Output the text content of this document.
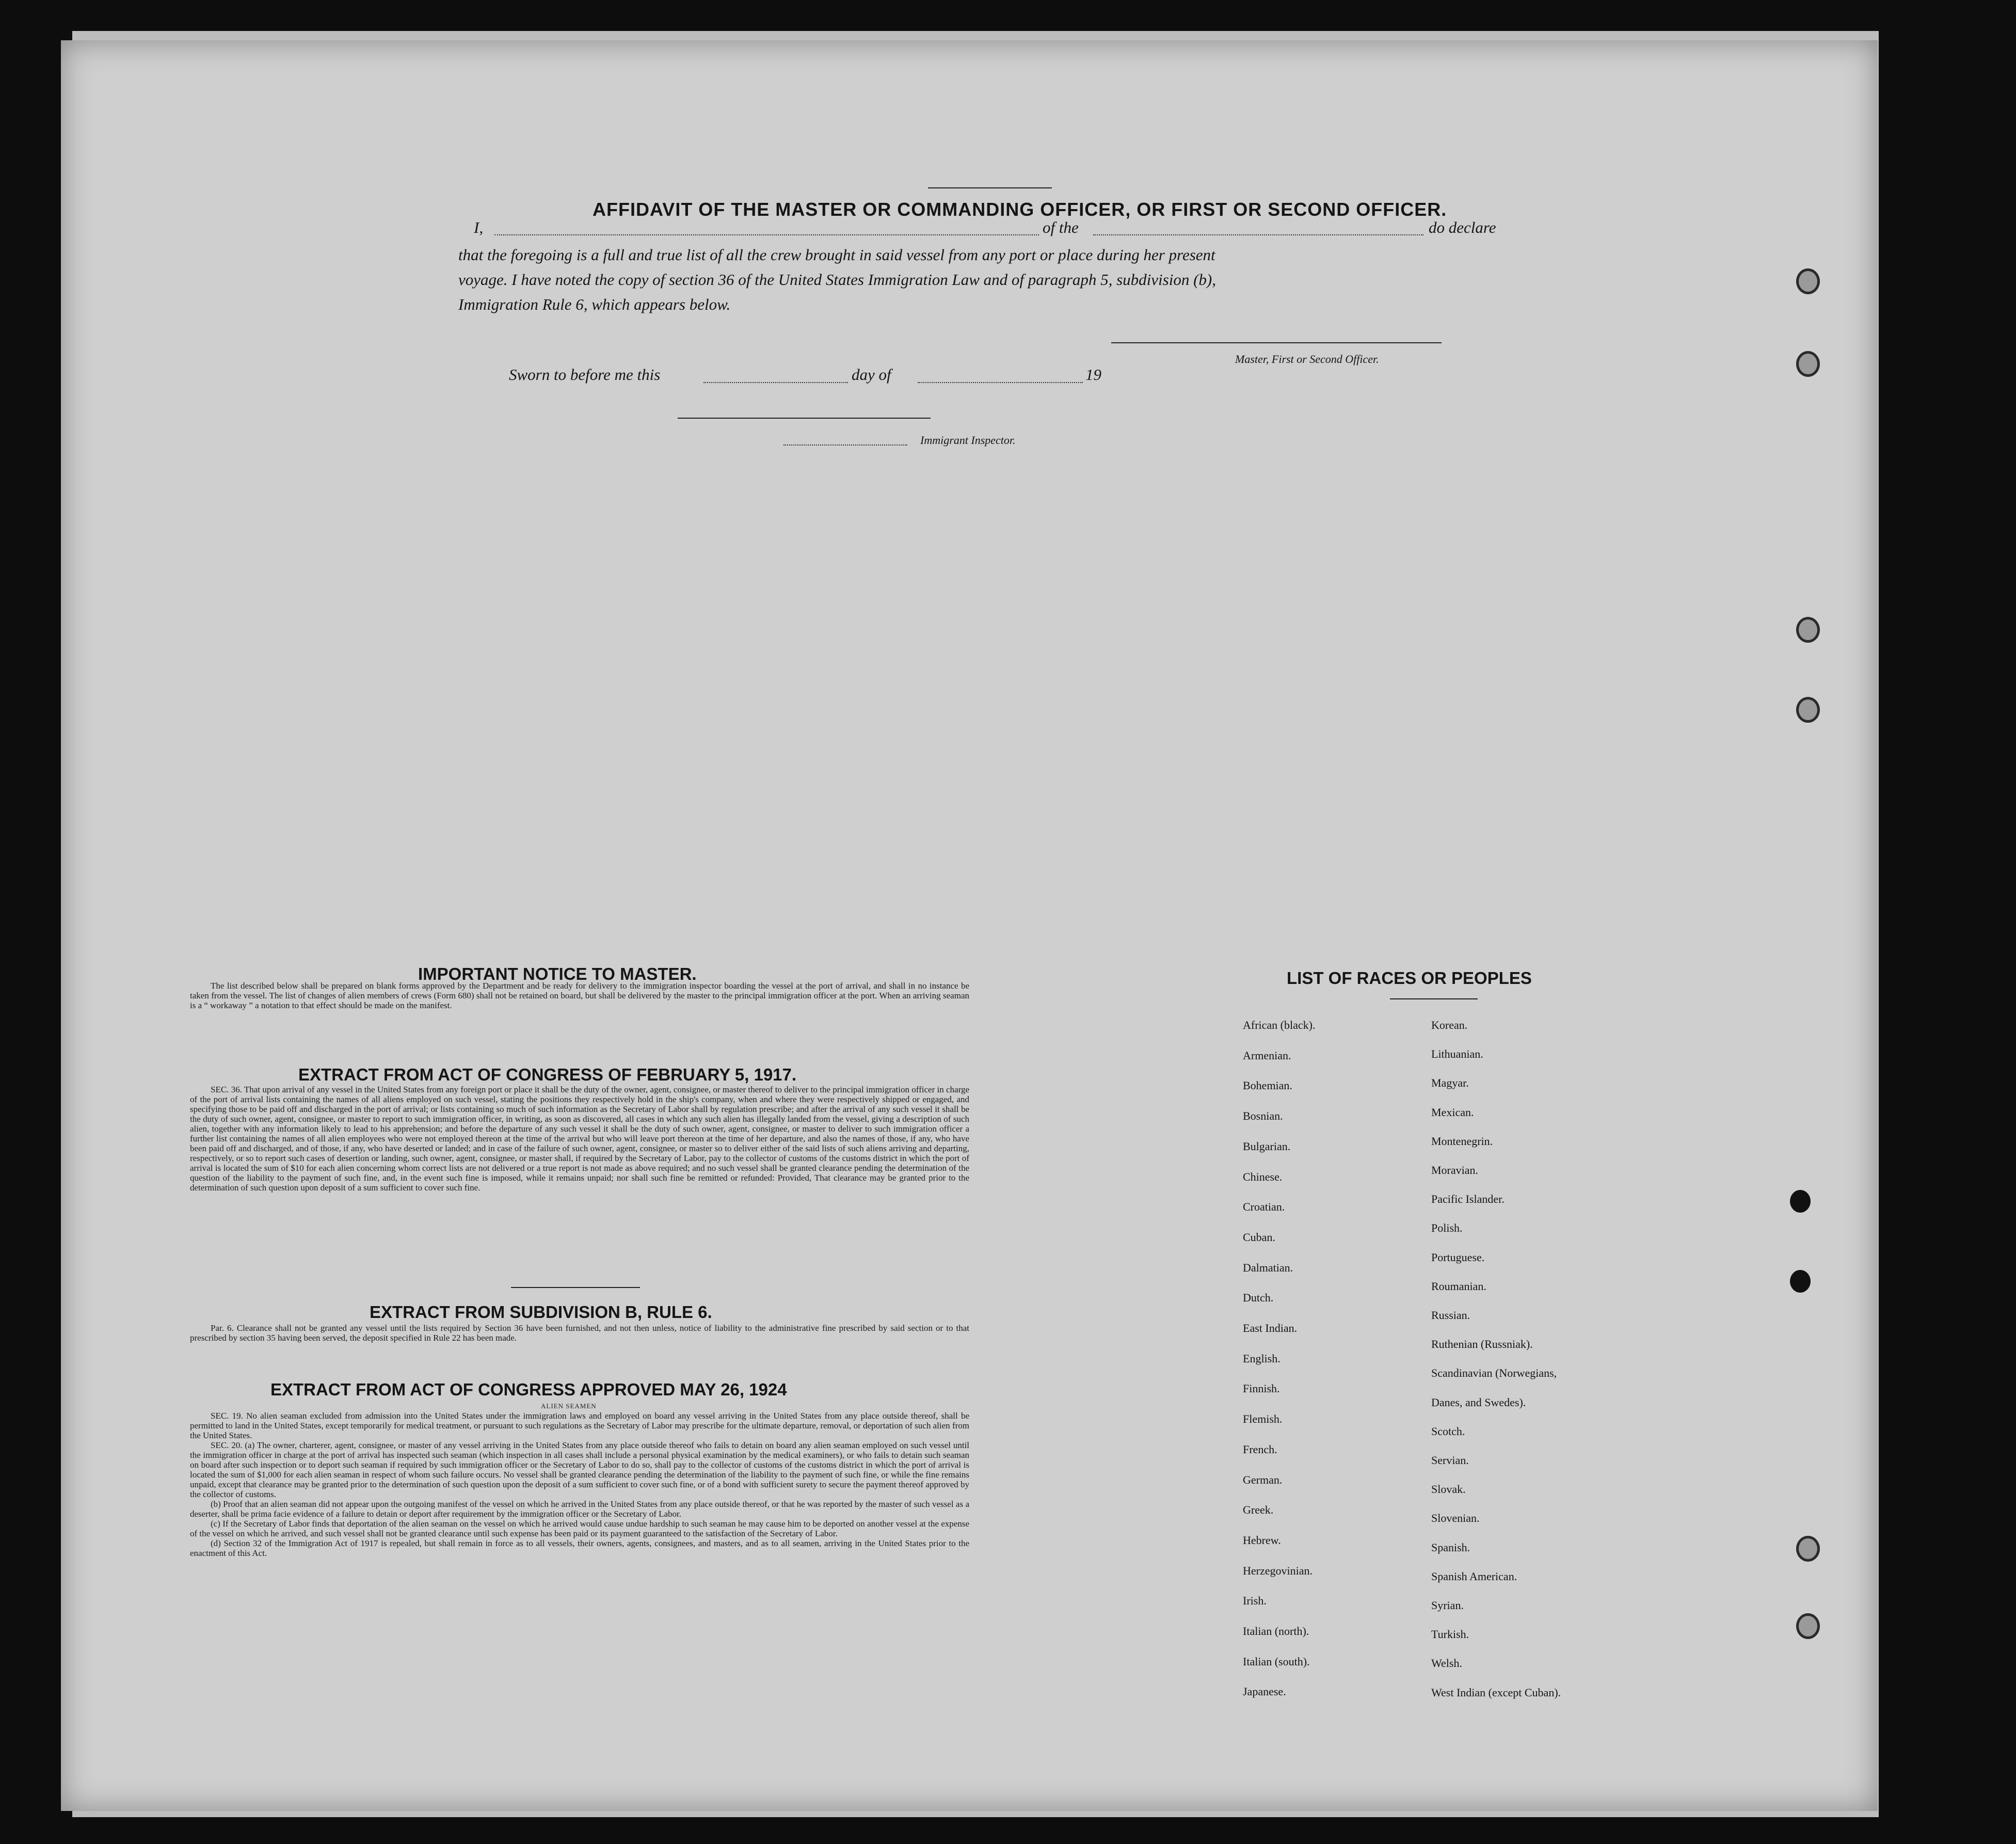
AFFIDAVIT OF THE MASTER OR COMMANDING OFFICER, OR FIRST OR SECOND OFFICER.
I,	of the	do declare
that the foregoing is a full and true list of all the crew brought in said vessel from any port or place during her present
voyage. I have noted the copy of section 36 of the United States Immigration Law and of paragraph 5, subdivision (b),
Immigration Rule 6, which appears below.
Master, First or Second Officer.
Sworn to before me this	day of	19
Immigrant Inspector.
IMPORTANT NOTICE TO MASTER.

The list described below shall be prepared on blank forms approved by the Department and be ready for delivery to the immigration inspector boarding the vessel at the port of arrival, and shall in no instance be taken from the vessel. The list of changes of alien members of crews (Form 680) shall not be retained on board, but shall be delivered by the master to the principal immigration officer at the port. When an arriving seaman is a “ workaway ” a notation to that effect should be made on the manifest.

EXTRACT FROM ACT OF CONGRESS OF FEBRUARY 5, 1917.

SEC. 36. That upon arrival of any vessel in the United States from any foreign port or place it shall be the duty of the owner, agent, consignee, or master thereof to deliver to the principal immigration officer in charge of the port of arrival lists containing the names of all aliens employed on such vessel, stating the positions they respectively hold in the ship's company, when and where they were respectively shipped or engaged, and specifying those to be paid off and discharged in the port of arrival; or lists containing so much of such information as the Secretary of Labor shall by regulation prescribe; and after the arrival of any such vessel it shall be the duty of such owner, agent, consignee, or master to report to such immigration officer, in writing, as soon as discovered, all cases in which any such alien has illegally landed from the vessel, giving a description of such alien, together with any information likely to lead to his apprehension; and before the departure of any such vessel it shall be the duty of such owner, agent, consignee, or master to deliver to such immigration officer a further list containing the names of all alien employees who were not employed thereon at the time of the arrival but who will leave port thereon at the time of her departure, and also the names of those, if any, who have been paid off and discharged, and of those, if any, who have deserted or landed; and in case of the failure of such owner, agent, consignee, or master so to deliver either of the said lists of such aliens arriving and departing, respectively, or so to report such cases of desertion or landing, such owner, agent, consignee, or master shall, if required by the Secretary of Labor, pay to the collector of customs of the customs district in which the port of arrival is located the sum of $10 for each alien concerning whom correct lists are not delivered or a true report is not made as above required; and no such vessel shall be granted clearance pending the determination of the question of the liability to the payment of such fine, and, in the event such fine is imposed, while it remains unpaid; nor shall such fine be remitted or refunded: Provided, That clearance may be granted prior to the determination of such question upon deposit of a sum sufficient to cover such fine.

EXTRACT FROM SUBDIVISION B, RULE 6.

Par. 6. Clearance shall not be granted any vessel until the lists required by Section 36 have been furnished, and not then unless, notice of liability to the administrative fine prescribed by said section or to that prescribed by section 35 having been served, the deposit specified in Rule 22 has been made.

EXTRACT FROM ACT OF CONGRESS APPROVED MAY 26, 1924
ALIEN SEAMEN

SEC. 19. No alien seaman excluded from admission into the United States under the immigration laws and employed on board any vessel arriving in the United States from any place outside thereof, shall be permitted to land in the United States, except temporarily for medical treatment, or pursuant to such regulations as the Secretary of Labor may prescribe for the ultimate departure, removal, or deportation of such alien from the United States.

SEC. 20. (a) The owner, charterer, agent, consignee, or master of any vessel arriving in the United States from any place outside thereof who fails to detain on board any alien seaman employed on such vessel until the immigration officer in charge at the port of arrival has inspected such seaman (which inspection in all cases shall include a personal physical examination by the medical examiners), or who fails to detain such seaman on board after such inspection or to deport such seaman if required by such immigration officer or the Secretary of Labor to do so, shall pay to the collector of customs of the customs district in which the port of arrival is located the sum of $1,000 for each alien seaman in respect of whom such failure occurs. No vessel shall be granted clearance pending the determination of the liability to the payment of such fine, or while the fine remains unpaid, except that clearance may be granted prior to the determination of such question upon the deposit of a sum sufficient to cover such fine, or of a bond with sufficient surety to secure the payment thereof approved by the collector of customs.

(b) Proof that an alien seaman did not appear upon the outgoing manifest of the vessel on which he arrived in the United States from any place outside thereof, or that he was reported by the master of such vessel as a deserter, shall be prima facie evidence of a failure to detain or deport after requirement by the immigration officer or the Secretary of Labor.

(c) If the Secretary of Labor finds that deportation of the alien seaman on the vessel on which he arrived would cause undue hardship to such seaman he may cause him to be deported on another vessel at the expense of the vessel on which he arrived, and such vessel shall not be granted clearance until such expense has been paid or its payment guaranteed to the satisfaction of the Secretary of Labor.

(d) Section 32 of the Immigration Act of 1917 is repealed, but shall remain in force as to all vessels, their owners, agents, consignees, and masters, and as to all seamen, arriving in the United States prior to the enactment of this Act.

LIST OF RACES OR PEOPLES
African (black).
Armenian.
Bohemian.
Bosnian.
Bulgarian.
Chinese.
Croatian.
Cuban.
Dalmatian.
Dutch.
East Indian.
English.
Finnish.
Flemish.
French.
German.
Greek.
Hebrew.
Herzegovinian.
Irish.
Italian (north).
Italian (south).
Japanese.
Korean.
Lithuanian.
Magyar.
Mexican.
Montenegrin.
Moravian.
Pacific Islander.
Polish.
Portuguese.
Roumanian.
Russian.
Ruthenian (Russniak).
Scandinavian (Norwegians,
Danes, and Swedes).
Scotch.
Servian.
Slovak.
Slovenian.
Spanish.
Spanish American.
Syrian.
Turkish.
Welsh.
West Indian (except Cuban).
